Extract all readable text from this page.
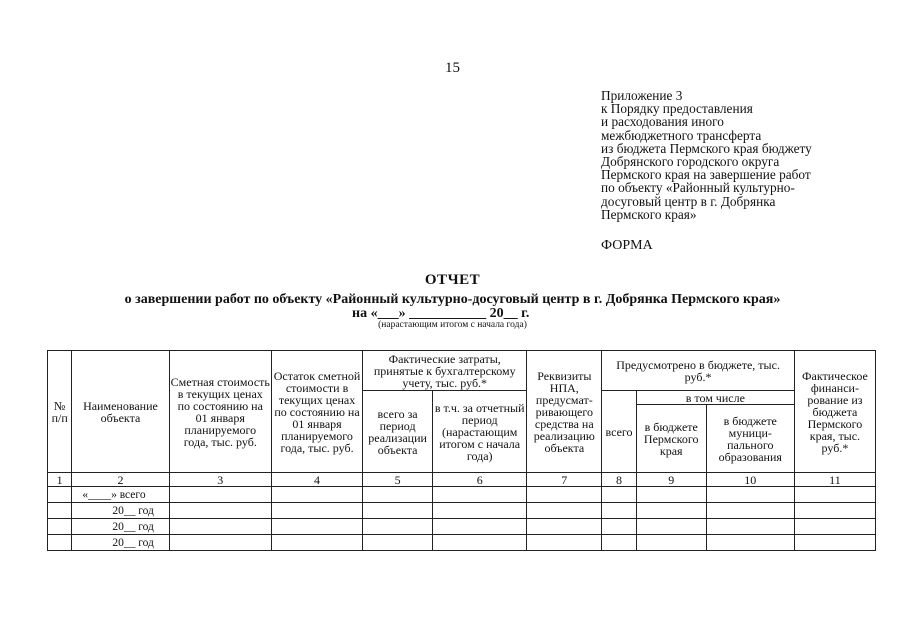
15
Приложение 3
к Порядку предоставления
и расходования иного
межбюджетного трансферта
из бюджета Пермского края бюджету
Добрянского городского округа
Пермского края на завершение работ
по объекту «Районный культурно-
досуговый центр в г. Добрянка
Пермского края»
ФОРМА
ОТЧЕТ
о завершении работ по объекту «Районный культурно-досуговый центр в г. Добрянка Пермского края»
на «___» ___________ 20__ г.
(нарастающим итогом с начала года)
№ п/п	Наименование объекта	Сметная стоимость в текущих ценах по состоянию на 01 января планируемого года, тыс. руб.	Остаток сметной стоимости в текущих ценах по состоянию на 01 января планируемого года, тыс. руб.	Фактические затраты, принятые к бухгалтерскому учету, тыс. руб.*		Реквизиты НПА, предусмат-ривающего средства на реализацию объекта	Предусмотрено в бюджете, тыс. руб.*			Фактическое финанси-рование из бюджета Пермского края, тыс. руб.*
				всего за период реализации объекта	в т.ч. за отчетный период (нарастающим итогом с начала года)		всего	в том числе		
								в бюджете Пермского края	в бюджете муници-пального образования	
1	2	3	4	5	6	7	8	9	10	11
	«____» всего									
	20__ год									
	20__ год									
	20__ год									
